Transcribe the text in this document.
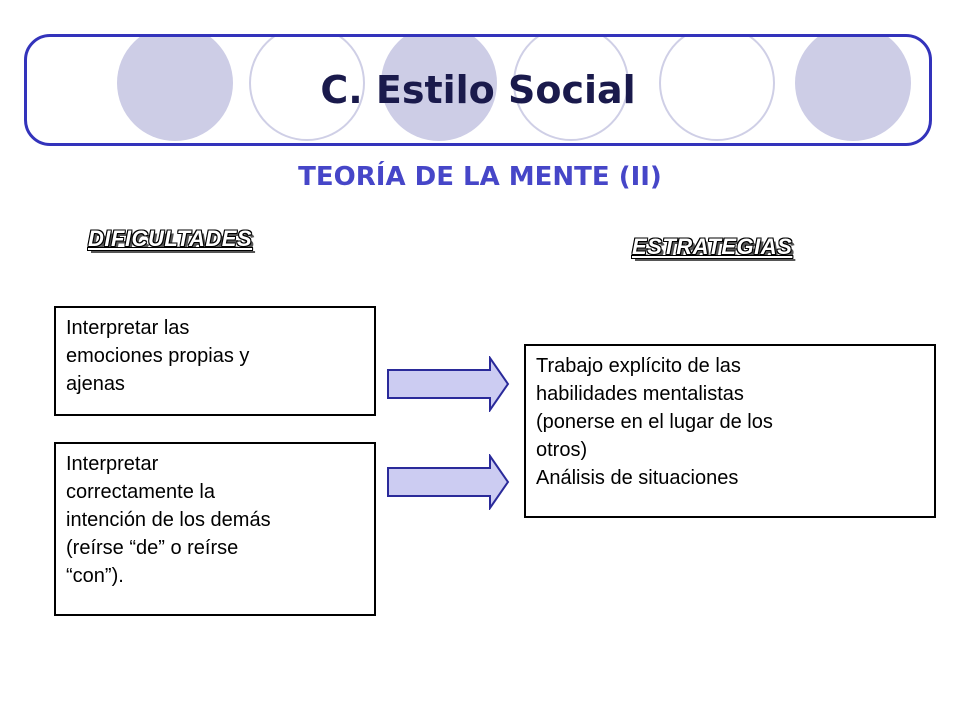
C. Estilo Social
TEORÍA DE LA MENTE (II)
DIFICULTADES	ESTRATEGIAS
Interpretar las
emociones propias y
ajenas
Interpretar
correctamente la
intención de los demás
(reírse “de” o reírse
“con”).
Trabajo explícito de las
habilidades mentalistas
(ponerse en el lugar de los
otros)
Análisis de situaciones
